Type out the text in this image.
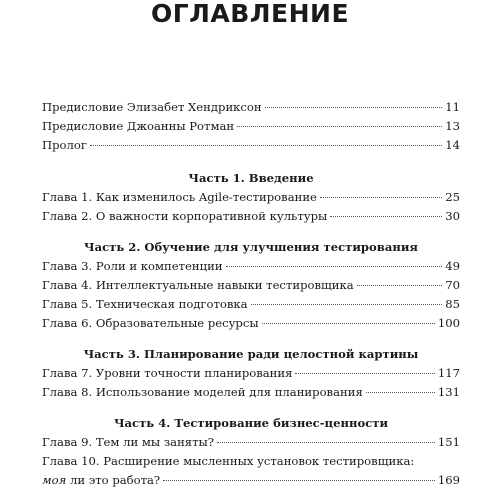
ОГЛАВЛЕНИЕ
Предисловие Элизабет Хендриксон	11
Предисловие Джоанны Ротман	13
Пролог	14
Часть 1. Введение
Глава 1. Как изменилось Agile-тестирование	25
Глава 2. О важности корпоративной культуры	30
Часть 2. Обучение для улучшения тестирования
Глава 3. Роли и компетенции	49
Глава 4. Интеллектуальные навыки тестировщика	70
Глава 5. Техническая подготовка	85
Глава 6. Образовательные ресурсы	100
Часть 3. Планирование ради целостной картины
Глава 7. Уровни точности планирования	117
Глава 8. Использование моделей для планирования	131
Часть 4. Тестирование бизнес-ценности
Глава 9. Тем ли мы заняты?	151
Глава 10. Расширение мысленных установок тестировщика:
моя ли это работа?	169
